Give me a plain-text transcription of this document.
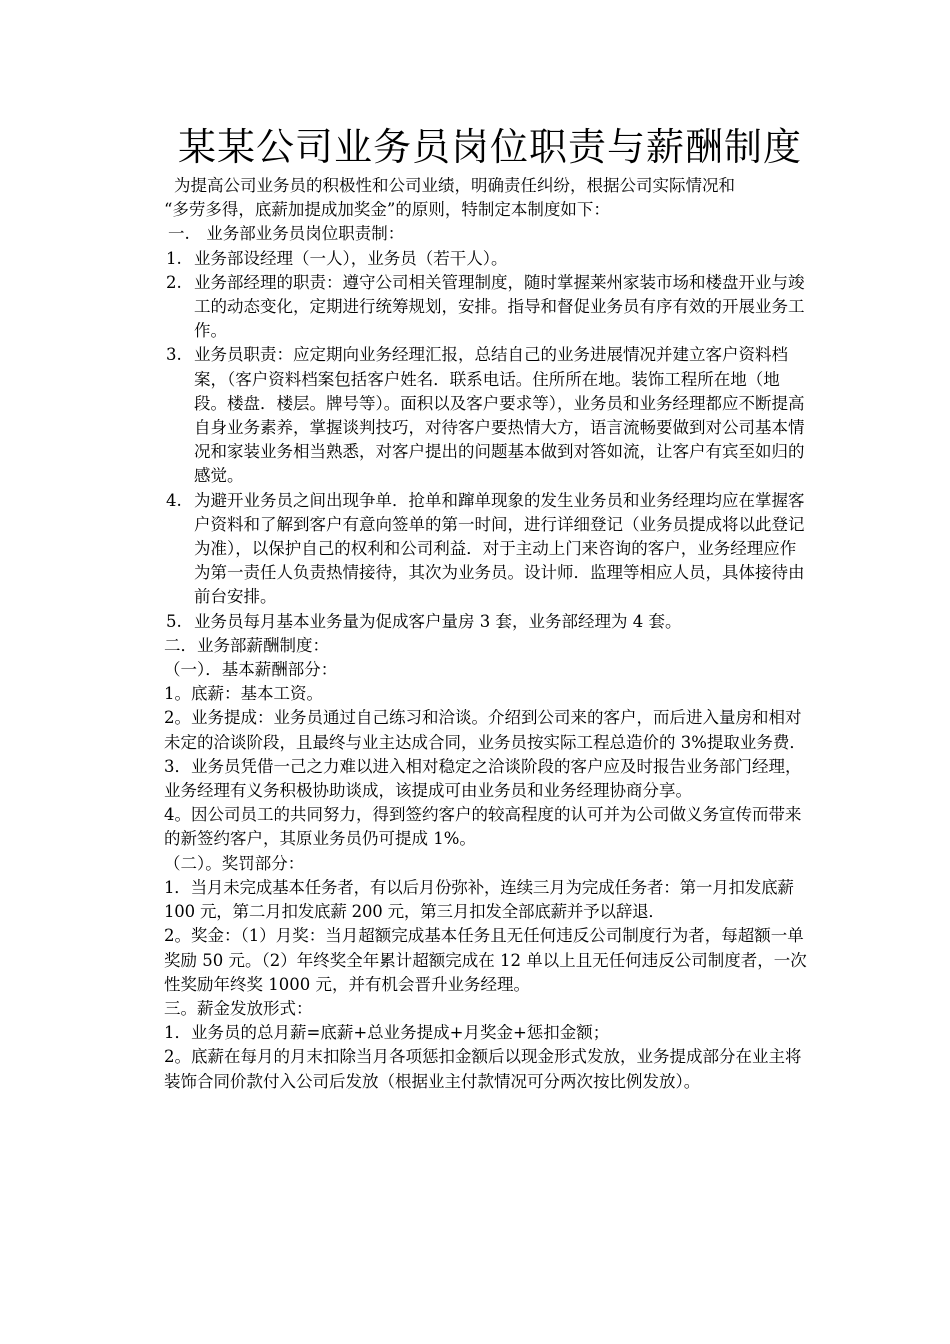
某某公司业务员岗位职责与薪酬制度

为提高公司业务员的积极性和公司业绩，明确责任纠纷，根据公司实际情况和

“多劳多得，底薪加提成加奖金”的原则，特制定本制度如下：

一.　业务部业务员岗位职责制：

1. 业务部设经理（一人），业务员（若干人）。
2. 业务部经理的职责：遵守公司相关管理制度，随时掌握莱州家装市场和楼盘开业与竣工的动态变化，定期进行统筹规划，安排。指导和督促业务员有序有效的开展业务工作。
3. 业务员职责：应定期向业务经理汇报，总结自己的业务进展情况并建立客户资料档案，（客户资料档案包括客户姓名．联系电话。住所所在地。装饰工程所在地（地段。楼盘．楼层。牌号等）。面积以及客户要求等），业务员和业务经理都应不断提高自身业务素养，掌握谈判技巧，对待客户要热情大方，语言流畅要做到对公司基本情况和家装业务相当熟悉，对客户提出的问题基本做到对答如流，让客户有宾至如归的感觉。
4. 为避开业务员之间出现争单．抢单和蹿单现象的发生业务员和业务经理均应在掌握客户资料和了解到客户有意向签单的第一时间，进行详细登记（业务员提成将以此登记为准），以保护自己的权利和公司利益．对于主动上门来咨询的客户，业务经理应作为第一责任人负责热情接待，其次为业务员。设计师．监理等相应人员，具体接待由前台安排。
5. 业务员每月基本业务量为促成客户量房 3 套，业务部经理为 4 套。

二．业务部薪酬制度：

（一）．基本薪酬部分：

1。底薪：基本工资。

2。业务提成：业务员通过自己练习和洽谈。介绍到公司来的客户，而后进入量房和相对未定的洽谈阶段，且最终与业主达成合同，业务员按实际工程总造价的 3%提取业务费．

3．业务员凭借一己之力难以进入相对稳定之洽谈阶段的客户应及时报告业务部门经理，业务经理有义务积极协助谈成，该提成可由业务员和业务经理协商分享。

4。因公司员工的共同努力，得到签约客户的较高程度的认可并为公司做义务宣传而带来的新签约客户，其原业务员仍可提成 1%。

（二）。奖罚部分：

1．当月未完成基本任务者，有以后月份弥补，连续三月为完成任务者：第一月扣发底薪 100 元，第二月扣发底薪 200 元，第三月扣发全部底薪并予以辞退．

2。奖金：（1）月奖：当月超额完成基本任务且无任何违反公司制度行为者，每超额一单奖励 50 元。（2）年终奖全年累计超额完成在 12 单以上且无任何违反公司制度者，一次性奖励年终奖 1000 元，并有机会晋升业务经理。

三。薪金发放形式：

1．业务员的总月薪=底薪+总业务提成+月奖金+惩扣金额；

2。底薪在每月的月末扣除当月各项惩扣金额后以现金形式发放，业务提成部分在业主将装饰合同价款付入公司后发放（根据业主付款情况可分两次按比例发放）。
